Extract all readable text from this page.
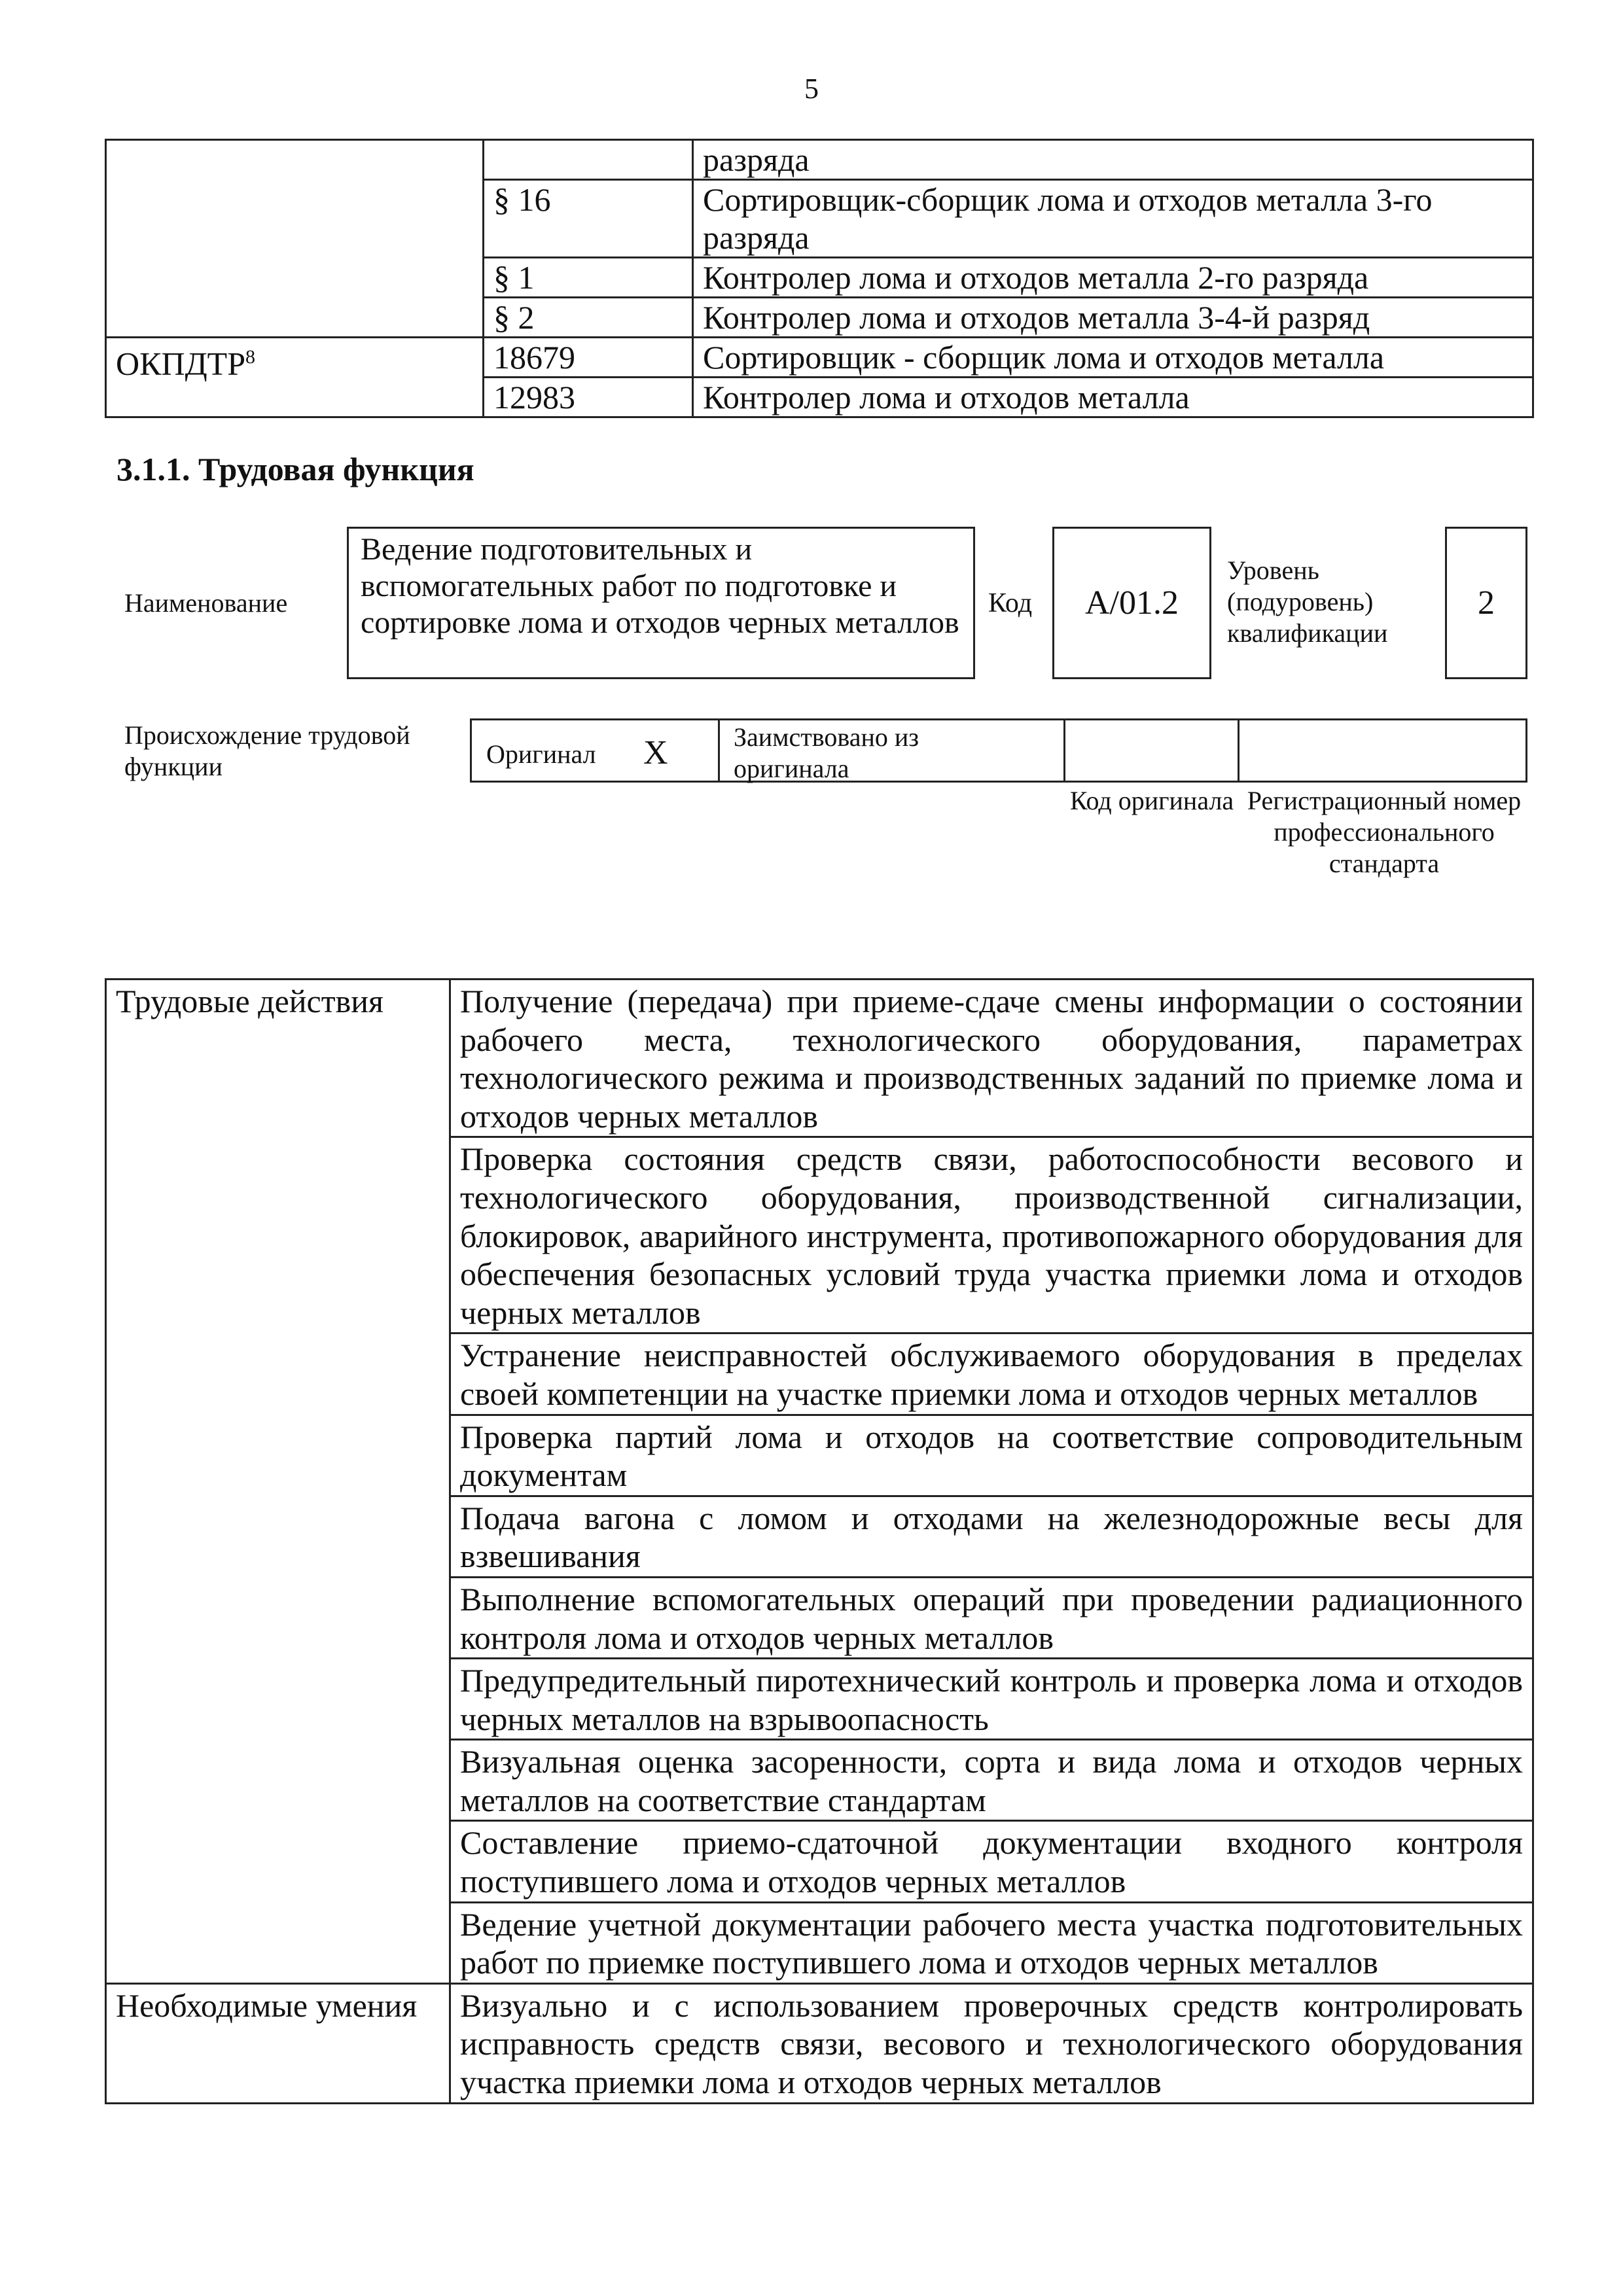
5
		разряда
	§ 16	Сортировщик-сборщик лома и отходов металла 3-го разряда
	§ 1	Контролер лома и отходов металла 2-го разряда
	§ 2	Контролер лома и отходов металла 3-4-й разряд
ОКПДТР$^8$	18679	Сортировщик - сборщик лома и отходов металла
	12983	Контролер лома и отходов металла
3.1.1. Трудовая функция
Наименование
Ведение подготовительных и вспомогательных работ по подготовке и сортировке лома и отходов черных металлов
Код	А/01.2
Уровень (подуровень) квалификации
2
Происхождение трудовой функции	Оригинал Х	Заимствовано из оригинала
Код оригинала Регистрационный номер профессионального стандарта
Трудовые действия	Получение (передача) при приеме-сдаче смены информации о состоянии рабочего места, технологического оборудования, параметрах технологического режима и производственных заданий по приемке лома и отходов черных металлов
	Проверка состояния средств связи, работоспособности весового и технологического оборудования, производственной сигнализации, блокировок, аварийного инструмента, противопожарного оборудования для обеспечения безопасных условий труда участка приемки лома и отходов черных металлов
	Устранение неисправностей обслуживаемого оборудования в пределах своей компетенции на участке приемки лома и отходов черных металлов
	Проверка партий лома и отходов на соответствие сопроводительным документам
	Подача вагона с ломом и отходами на железнодорожные весы для взвешивания
	Выполнение вспомогательных операций при проведении радиационного контроля лома и отходов черных металлов
	Предупредительный пиротехнический контроль и проверка лома и отходов черных металлов на взрывоопасность
	Визуальная оценка засоренности, сорта и вида лома и отходов черных металлов на соответствие стандартам
	Составление приемо-сдаточной документации входного контроля поступившего лома и отходов черных металлов
	Ведение учетной документации рабочего места участка подготовительных работ по приемке поступившего лома и отходов черных металлов
Необходимые умения	Визуально и с использованием проверочных средств контролировать исправность средств связи, весового и технологического оборудования участка приемки лома и отходов черных металлов
